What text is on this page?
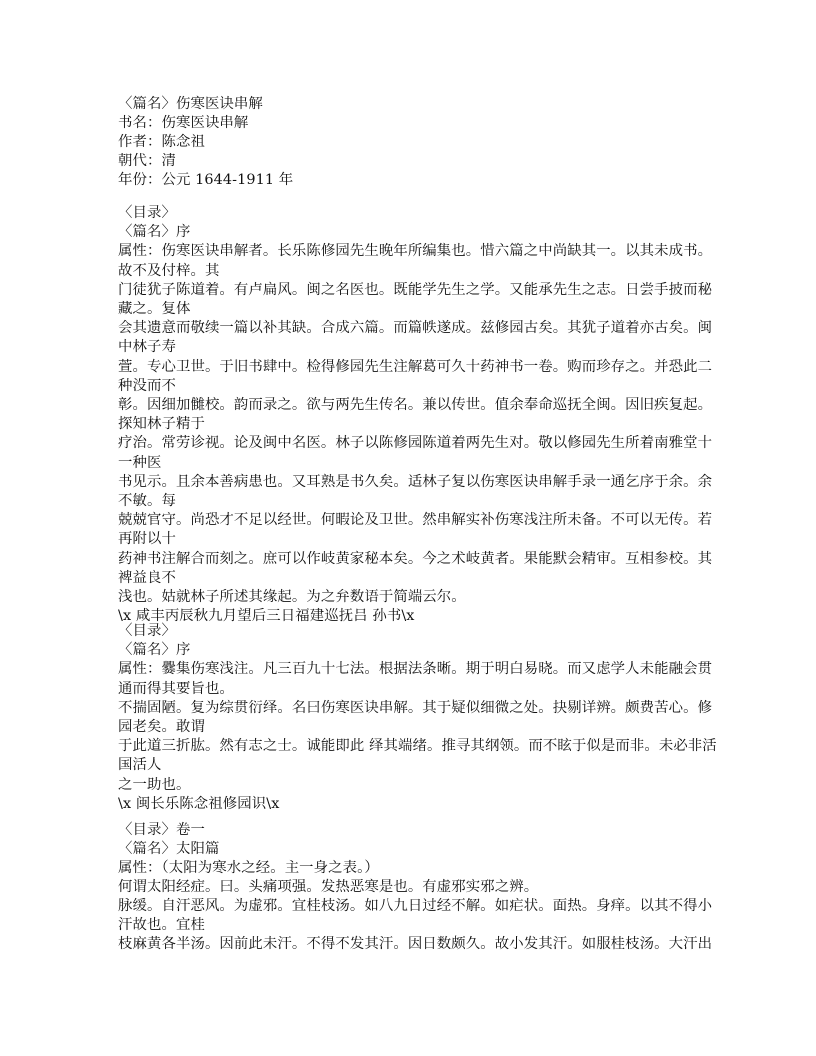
〈篇名〉伤寒医诀串解
书名：伤寒医诀串解
作者：陈念祖
朝代：清
年份：公元 1644-1911 年
〈目录〉
〈篇名〉序
属性：伤寒医诀串解者。长乐陈修园先生晚年所编集也。惜六篇之中尚缺其一。以其未成书。
故不及付梓。其
门徒犹子陈道着。有卢扁风。闽之名医也。既能学先生之学。又能承先生之志。日尝手披而秘
藏之。复体
会其遗意而敬续一篇以补其缺。合成六篇。而篇帙遂成。兹修园古矣。其犹子道着亦古矣。闽
中林子寿
萱。专心卫世。于旧书肆中。检得修园先生注解葛可久十药神书一卷。购而珍存之。并恐此二
种没而不
彰。因细加雠校。韵而录之。欲与两先生传名。兼以传世。值余奉命巡抚全闽。因旧疾复起。
探知林子精于
疗治。常劳诊视。论及闽中名医。林子以陈修园陈道着两先生对。敬以修园先生所着南雅堂十
一种医
书见示。且余本善病患也。又耳熟是书久矣。适林子复以伤寒医诀串解手录一通乞序于余。余
不敏。每
兢兢官守。尚恐才不足以经世。何暇论及卫世。然串解实补伤寒浅注所未备。不可以无传。若
再附以十
药神书注解合而刻之。庶可以作岐黄家秘本矣。今之术岐黄者。果能默会精审。互相参校。其
裨益良不
浅也。姑就林子所述其缘起。为之弁数语于简端云尔。
\x 咸丰丙辰秋九月望后三日福建巡抚吕 孙书\x
〈目录〉
〈篇名〉序
属性：爨集伤寒浅注。凡三百九十七法。根据法条晰。期于明白易晓。而又虑学人未能融会贯
通而得其要旨也。
不揣固陋。复为综贯衍绎。名曰伤寒医诀串解。其于疑似细微之处。抉剔详辨。颇费苦心。修
园老矣。敢谓
于此道三折肱。然有志之士。诚能即此 绎其端绪。推寻其纲领。而不眩于似是而非。未必非活
国活人
之一助也。
\x 闽长乐陈念祖修园识\x
〈目录〉卷一
〈篇名〉太阳篇
属性：（太阳为寒水之经。主一身之表。）
何谓太阳经症。曰。头痛项强。发热恶寒是也。有虚邪实邪之辨。
脉缓。自汗恶风。为虚邪。宜桂枝汤。如八九日过经不解。如疟状。面热。身痒。以其不得小
汗故也。宜桂
枝麻黄各半汤。因前此未汗。不得不发其汗。因日数颇久。故小发其汗。如服桂枝汤。大汗出
